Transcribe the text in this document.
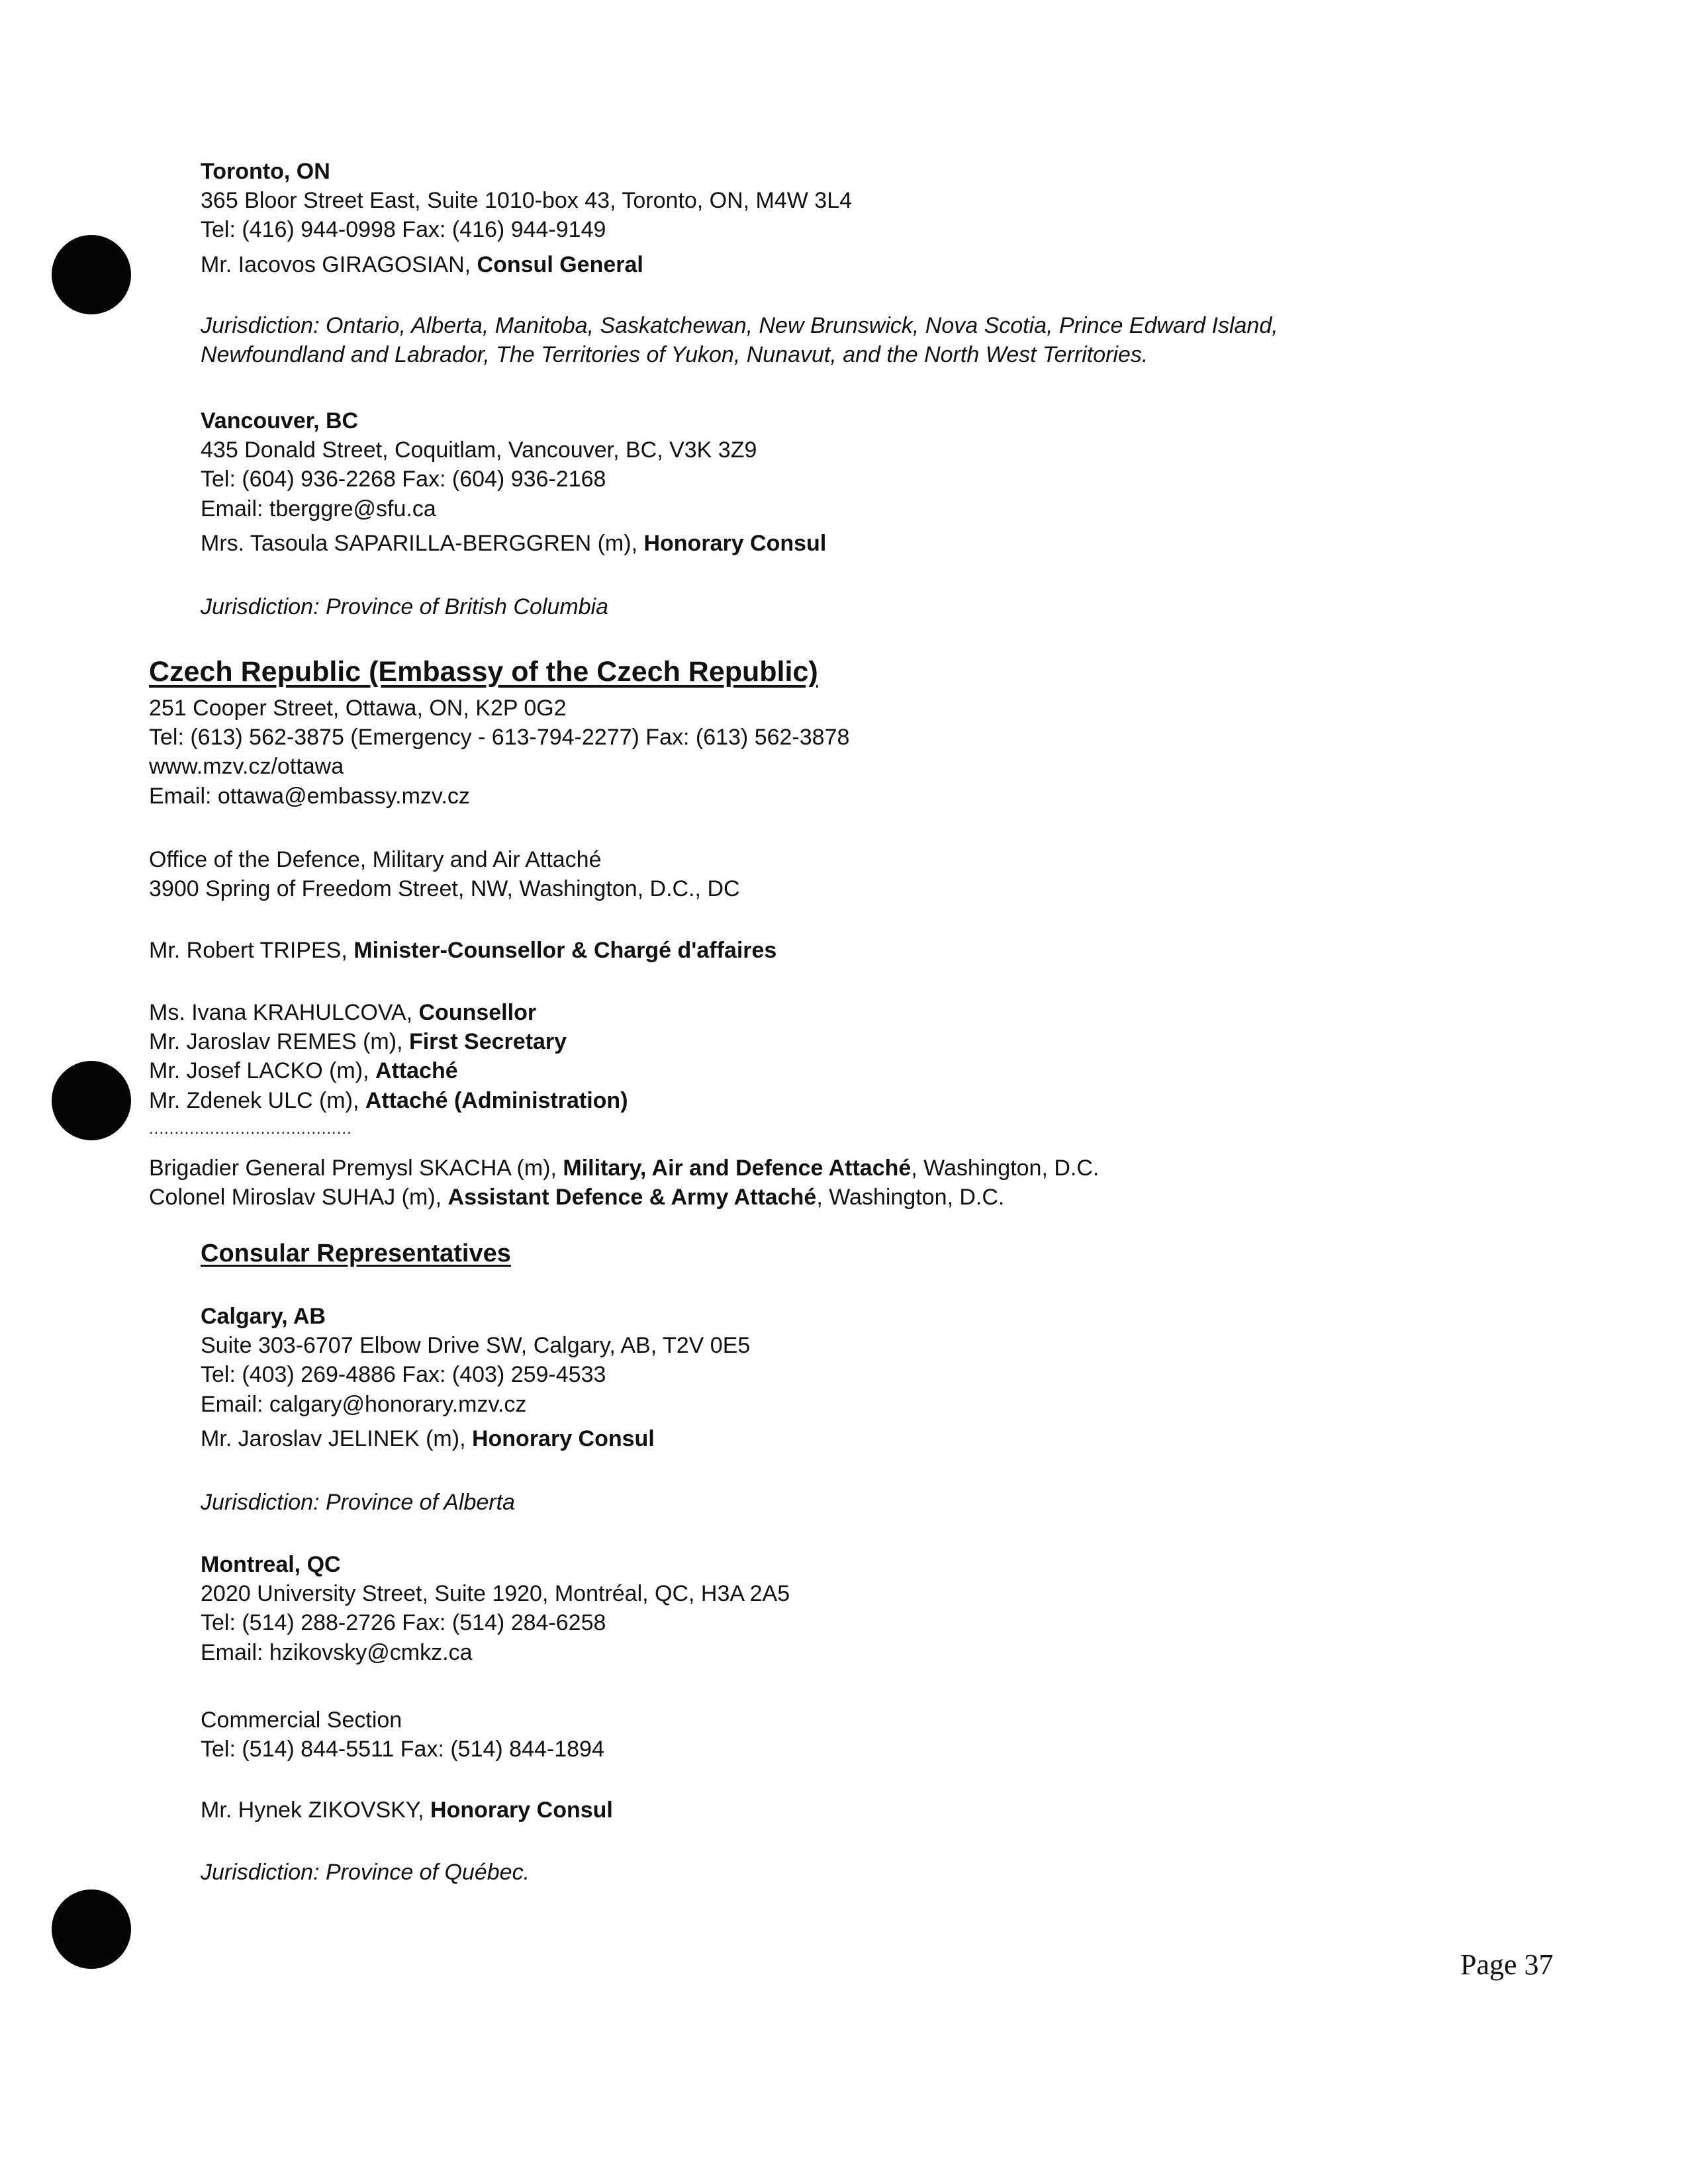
Toronto, ON
365 Bloor Street East, Suite 1010-box 43, Toronto, ON, M4W 3L4
Tel: (416) 944-0998 Fax: (416) 944-9149
Mr. Iacovos GIRAGOSIAN, Consul General
Jurisdiction: Ontario, Alberta, Manitoba, Saskatchewan, New Brunswick, Nova Scotia, Prince Edward Island,
Newfoundland and Labrador, The Territories of Yukon, Nunavut, and the North West Territories.
Vancouver, BC
435 Donald Street, Coquitlam, Vancouver, BC, V3K 3Z9
Tel: (604) 936-2268 Fax: (604) 936-2168
Email: tberggre@sfu.ca
Mrs. Tasoula SAPARILLA-BERGGREN (m), Honorary Consul
Jurisdiction: Province of British Columbia
Czech Republic (Embassy of the Czech Republic)
251 Cooper Street, Ottawa, ON, K2P 0G2
Tel: (613) 562-3875 (Emergency - 613-794-2277) Fax: (613) 562-3878
www.mzv.cz/ottawa
Email: ottawa@embassy.mzv.cz
Office of the Defence, Military and Air Attaché
3900 Spring of Freedom Street, NW, Washington, D.C., DC
Mr. Robert TRIPES, Minister-Counsellor & Chargé d'affaires
Ms. Ivana KRAHULCOVA, Counsellor
Mr. Jaroslav REMES (m), First Secretary
Mr. Josef LACKO (m), Attaché
Mr. Zdenek ULC (m), Attaché (Administration)
........................................
Brigadier General Premysl SKACHA (m), Military, Air and Defence Attaché, Washington, D.C.
Colonel Miroslav SUHAJ (m), Assistant Defence & Army Attaché, Washington, D.C.
Consular Representatives
Calgary, AB
Suite 303-6707 Elbow Drive SW, Calgary, AB, T2V 0E5
Tel: (403) 269-4886 Fax: (403) 259-4533
Email: calgary@honorary.mzv.cz
Mr. Jaroslav JELINEK (m), Honorary Consul
Jurisdiction: Province of Alberta
Montreal, QC
2020 University Street, Suite 1920, Montréal, QC, H3A 2A5
Tel: (514) 288-2726 Fax: (514) 284-6258
Email: hzikovsky@cmkz.ca
Commercial Section
Tel: (514) 844-5511 Fax: (514) 844-1894
Mr. Hynek ZIKOVSKY, Honorary Consul
Jurisdiction: Province of Québec.
Page 37
